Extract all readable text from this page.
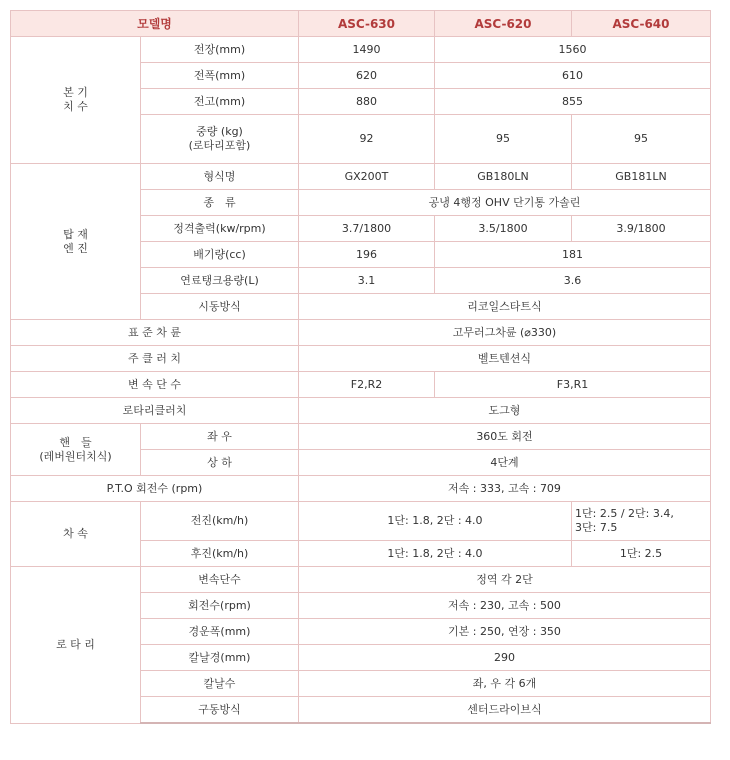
모델명		ASC-630	ASC-620	ASC-640
본 기
치 수	전장(mm)	1490	1560	
	전폭(mm)	620	610	
	전고(mm)	880	855	
	중량 (kg)
(로타리포함)	92	95	95
탑 재
엔 진	형식명	GX200T	GB180LN	GB181LN
	종　류	공냉 4행정 OHV 단기통 가솔린		
	정격출력(kw/rpm)	3.7/1800	3.5/1800	3.9/1800
	배기량(cc)	196	181	
	연료탱크용량(L)	3.1	3.6	
	시동방식	리코일스타트식		
표 준 차 륜		고무러그차륜 (⌀330)		
주 클 러 치		벨트텐션식		
변 속 단 수		F2,R2	F3,R1	
로타리클러치		도그형		
핸　들
(레버원터치식)	좌 우	360도 회전		
	상 하	4단계		
P.T.O 회전수 (rpm)		저속 : 333, 고속 : 709		
차 속	전진(km/h)	1단: 1.8, 2단 : 4.0		1단: 2.5 / 2단: 3.4,
3단: 7.5
	후진(km/h)	1단: 1.8, 2단 : 4.0		1단: 2.5
로 타 리	변속단수	정역 각 2단		
	회전수(rpm)	저속 : 230, 고속 : 500		
	경운폭(mm)	기본 : 250, 연장 : 350		
	칼날경(mm)	290		
	칼날수	좌, 우 각 6개		
	구동방식	센터드라이브식		
